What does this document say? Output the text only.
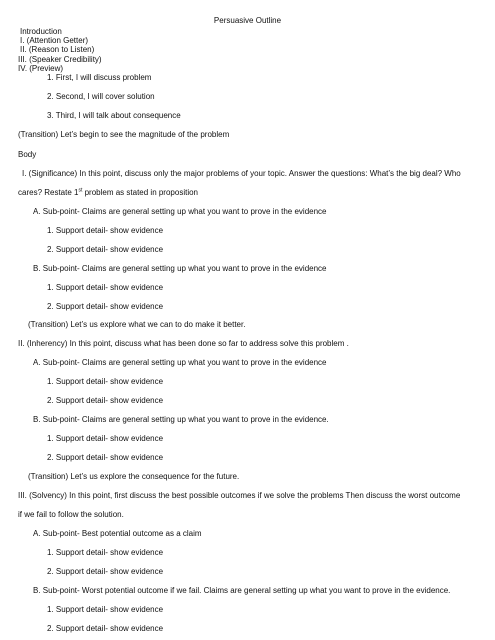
Persuasive Outline
Introduction
I. (Attention Getter)
II. (Reason to Listen)
III. (Speaker Credibility)
IV. (Preview)
1. First, I will discuss problem
2. Second, I will cover solution
3. Third, I will talk about consequence
(Transition) Let’s begin to see the magnitude of the problem
Body
I. (Significance) In this point, discuss only the major problems of your topic. Answer the questions: What’s the big deal? Who
cares? Restate 1st problem as stated in proposition
A. Sub-point- Claims are general setting up what you want to prove in the evidence
1. Support detail- show evidence
2. Support detail- show evidence
B. Sub-point- Claims are general setting up what you want to prove in the evidence
1. Support detail- show evidence
2. Support detail- show evidence
(Transition) Let’s us explore what we can to do make it better.
II. (Inherency) In this point, discuss what has been done so far to address solve this problem .
A. Sub-point- Claims are general setting up what you want to prove in the evidence
1. Support detail- show evidence
2. Support detail- show evidence
B. Sub-point- Claims are general setting up what you want to prove in the evidence.
1. Support detail- show evidence
2. Support detail- show evidence
(Transition) Let’s us explore the consequence for the future.
III. (Solvency) In this point, first discuss the best possible outcomes if we solve the problems Then discuss the worst outcome
if we fail to follow the solution.
A. Sub-point- Best potential outcome as a claim
1. Support detail- show evidence
2. Support detail- show evidence
B. Sub-point- Worst potential outcome if we fail. Claims are general setting up what you want to prove in the evidence.
1. Support detail- show evidence
2. Support detail- show evidence
